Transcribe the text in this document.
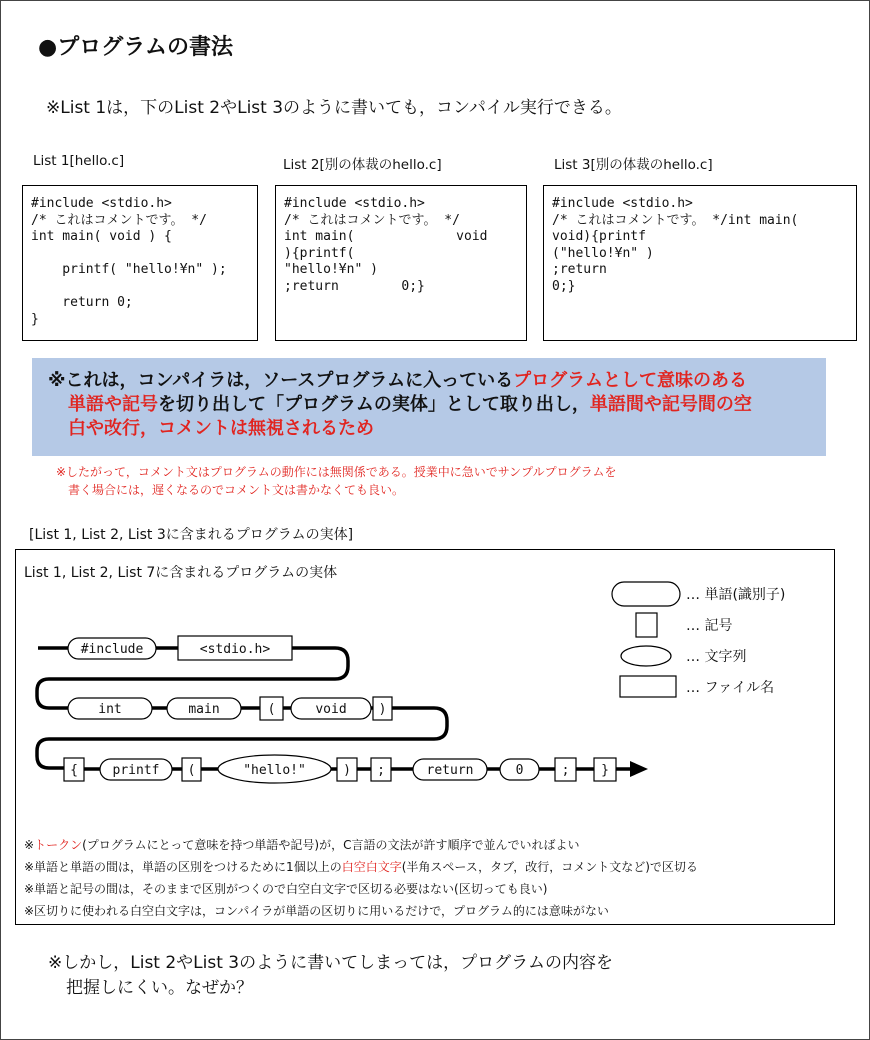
●プログラムの書法
※List 1は，下のList 2やList 3のように書いても，コンパイル実行できる。
List 1[hello.c]	List 2[別の体裁のhello.c]	List 3[別の体裁のhello.c]
#include <stdio.h>
/* これはコメントです。 */
int main( void ) {

printf( "hello!¥n" );

return 0;
}
#include <stdio.h>
/* これはコメントです。 */
int main(             void
){printf(
"hello!¥n" )
;return        0;}
#include <stdio.h>
/* これはコメントです。 */int main(
void){printf
("hello!¥n" )
;return
0;}
※これは，コンパイラは，ソースプログラムに入っているプログラムとして意味のある
単語や記号を切り出して「プログラムの実体」として取り出し，単語間や記号間の空
白や改行，コメントは無視されるため
※したがって，コメント文はプログラムの動作には無関係である。授業中に急いでサンプルプログラムを
書く場合には，遅くなるのでコメント文は書かなくても良い。
[List 1, List 2, List 3に含まれるプログラムの実体]
List 1, List 2, List 7に含まれるプログラムの実体
#include	<stdio.h>
int	main	(	void )
{	printf (	"hello!"	) ;	return	0	; }
… 単語(識別子)
… 記号
… 文字列
… ファイル名
※トークン(プログラムにとって意味を持つ単語や記号)が，C言語の文法が許す順序で並んでいればよい
※単語と単語の間は，単語の区別をつけるために1個以上の白空白文字(半角スペース，タブ，改行，コメント文など)で区切る
※単語と記号の間は，そのままで区別がつくので白空白文字で区切る必要はない(区切っても良い)
※区切りに使われる白空白文字は，コンパイラが単語の区切りに用いるだけで，プログラム的には意味がない
※しかし，List 2やList 3のように書いてしまっては，プログラムの内容を
把握しにくい。なぜか？
